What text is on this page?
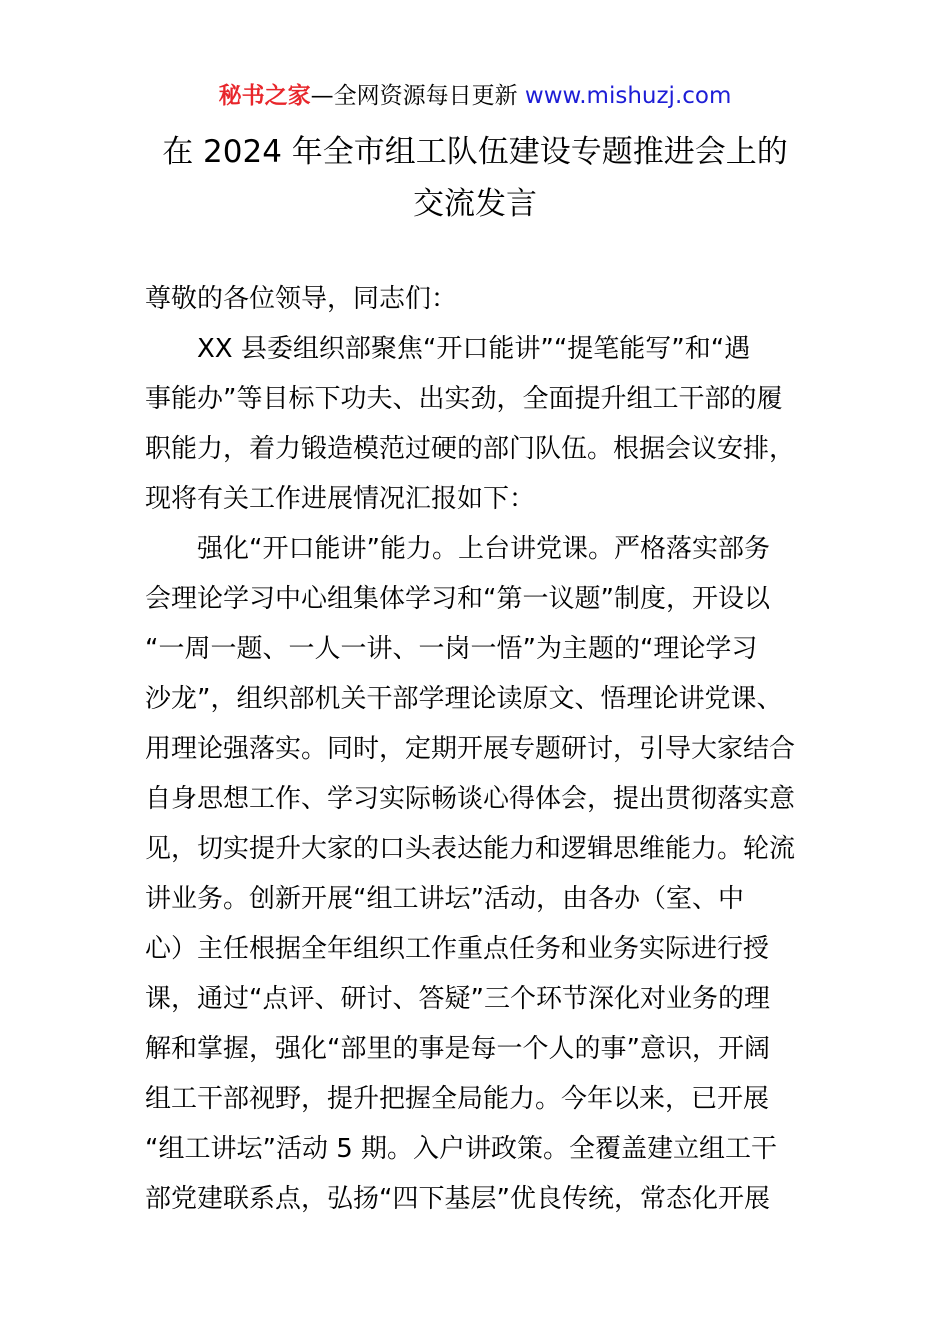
秘书之家—全网资源每日更新 www.mishuzj.com
在 2024 年全市组工队伍建设专题推进会上的
交流发言
尊敬的各位领导，同志们：
XX 县委组织部聚焦“开口能讲”“提笔能写”和“遇
事能办”等目标下功夫、出实劲，全面提升组工干部的履
职能力，着力锻造模范过硬的部门队伍。根据会议安排，
现将有关工作进展情况汇报如下：
强化“开口能讲”能力。上台讲党课。严格落实部务
会理论学习中心组集体学习和“第一议题”制度，开设以
“一周一题、一人一讲、一岗一悟”为主题的“理论学习
沙龙”，组织部机关干部学理论读原文、悟理论讲党课、
用理论强落实。同时，定期开展专题研讨，引导大家结合
自身思想工作、学习实际畅谈心得体会，提出贯彻落实意
见，切实提升大家的口头表达能力和逻辑思维能力。轮流
讲业务。创新开展“组工讲坛”活动，由各办（室、中
心）主任根据全年组织工作重点任务和业务实际进行授
课，通过“点评、研讨、答疑”三个环节深化对业务的理
解和掌握，强化“部里的事是每一个人的事”意识，开阔
组工干部视野，提升把握全局能力。今年以来，已开展
“组工讲坛”活动 5 期。入户讲政策。全覆盖建立组工干
部党建联系点，弘扬“四下基层”优良传统，常态化开展
